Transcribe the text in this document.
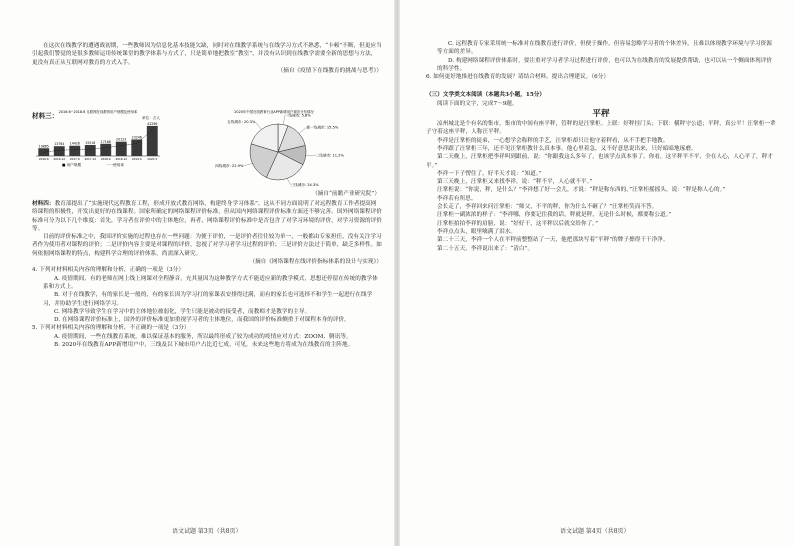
在这次在线教学的遭遇战初期，一些教师因为信息化基本技能欠缺，同时对在线教学系统与在线学习方式不熟悉，“卡顿”不断，但更应当引起我们警觉的是很多教师运用传统课堂的教学体系与方式了，只是简单地把教室“教室”，并没有认识到在线教学需要全新的思想与方法，更没有真正从互联网对教育的方式入手。

（摘自《疫情下在线教育的挑战与思考》）

材料三： 2016.6~2018.6 互联网在线教育用户规模及使用率
单位：万人
10865
2016.6
13764
2016.12
14426
2017.6
15518
2017.12
17186
2018.6
20123
2018.12
23246
2019.6
42296
2020.3
■ 用户规模	一一使用率
2020年中国在线教育行业APP新增用户城市分布情况
一线城市: 5.8%
新一线城市: 15.5%
二线城市: 11.2%
三线城市: 24.3%
四线城市: 22.9%
五线城市: 20.3%

（摘自“前瞻产业研究院”）

材料四：教育部提出了“实施现代远程教育工程，形成开放式教育网络，构建终身学习体系”。这从不同方面说明了对远程教育工作者提高网络课程的积极性，开发出更好的在线课程。国家所确定的网络课程评价标准，但从国内网络课程评价标准方面还不够完善。国外网络课程评价标准可分为以下几个维度：首先，学习者在评价中的主体地位，再者，网络课程评价标准中是否包含了对学习环境的评价，对学习资源的评价等。

目前的评价标准之中，我国评价实施的过程也存在一些问题：为便于评价，一是评价者往往较为单一，一般都由专家担任，没有关注学习者作为使用者对课程的评价；二是评价内容主要是对课程的评价，忽视了对学习者学习过程的评价；三是评价方法过于简单，缺乏多样性。如何依据网络课程的特点，构建科学合理的评价体系，尚需深入研究。

（摘自《网络课程在线评价指标体系的设计与实现》）

4. 下列对材料相关内容的理解和分析，正确的一项是（3分）

A. 疫情期间，有的老师在网上线上网课对全程静音，充其量因为这种教学方式不能适应新的教学模式，思想还停留在传统的教学体系和方式上。

B. 对于在线教学，有的家长是一般的，有的家长因为学习打的家课表安排得过满，而有的家长也可选择不和学生一起进行在线学习，并协助学生进行网络学习。

C. 网络教学导致学生在学习中的主体地位被弱化，学生只能是被动的接受者，而教师才是教学的主导。

D. 在网络课程评价标准上，国外的评价标准更加重视学习者的主体地位，而我国的评价标准侧重于对课程本身的评价。

5. 下列对材料相关内容的理解和分析，不正确的一项是（3分）

A. 疫情期间，一些在线教育系统，难以保证基本的服务，所以最终形成了较为成功的疫情应对方式：ZOOM、腾讯等。

B. 2020年在线教育APP新增用户中，三线及以下城市用户占比近七成，可见，未来这些地方将成为在线教育的主阵地。

语文试题 第3页（共8页）

C. 远程教育专家采用统一标准对在线教育进行评价，但便于操作，但容易忽略学习者的个体差异，且难以体现教学环境与学习资源等方面的差异。

D. 构建网络课程评价体系时，要注重对学习者学习过程进行评价，也可以为在线教育的发展提供帮助，也可以从一个侧面体现评价的科学性。

6. 如何更好地推进在线教育的发展？请结合材料，提出合理建议。（6分）

（三）文学类文本阅读（本题共3小题，15分）

阅读下面的文字，完成7～9题。

平秤

凉州城北是个有名的集市，集市的中间有座平秤，管秤的是汪掌柜。上联：好秤挂门头；下联：横秤守公道；平秤，真公平！汪掌柜一辈子守着这座平秤，人称汪平秤。

李祥是汪掌柜的徒弟，一心想学会称秤的手艺，汪掌柜却只让他守着秤看，从不手把手地教。

李祥跟了汪掌柜三年，还不见汪掌柜教什么真本事。他心里着急，又不好意思说出来，只好暗暗地琢磨。

第二天晚上，汪掌柜把李祥叫到跟前，说：“你跟我这么多年了，也该学点真本事了。你看，这平秤平不平，全在人心，人心平了，秤才平。”

李祥一下子愣住了，好半天才说：“知道。”

第三天晚上，汪掌柜又来找李祥，说：“秤不平，人心就不平。”

汪掌柜说：“你说，秤，是什么？”李祥想了好一会儿，才说：“秤是称东西的。”汪掌柜摇摇头，说：“秤是称人心的。”

李祥若有所思。

会长走了，李祥回来问汪掌柜：“师父，不平的秤，你为什么不砸了？”汪掌柜笑而不答。

汪掌柜一副浓浓的样子：“李祥哪，你要记住我的话，秤就是秤，无论什么时候，都要称公道。”

汪掌柜拍拍李祥的肩膀，说：“好好干，这平秤以后就交给你了。”

李祥点点头，眼里噙满了泪水。

第二十三天，李祥一个人在平秤前整整站了一天，他把那块写着“平秤”的牌子擦得干干净净。

第二十五天，李祥说出来了：“清白”。

语文试题 第4页（共8页）
